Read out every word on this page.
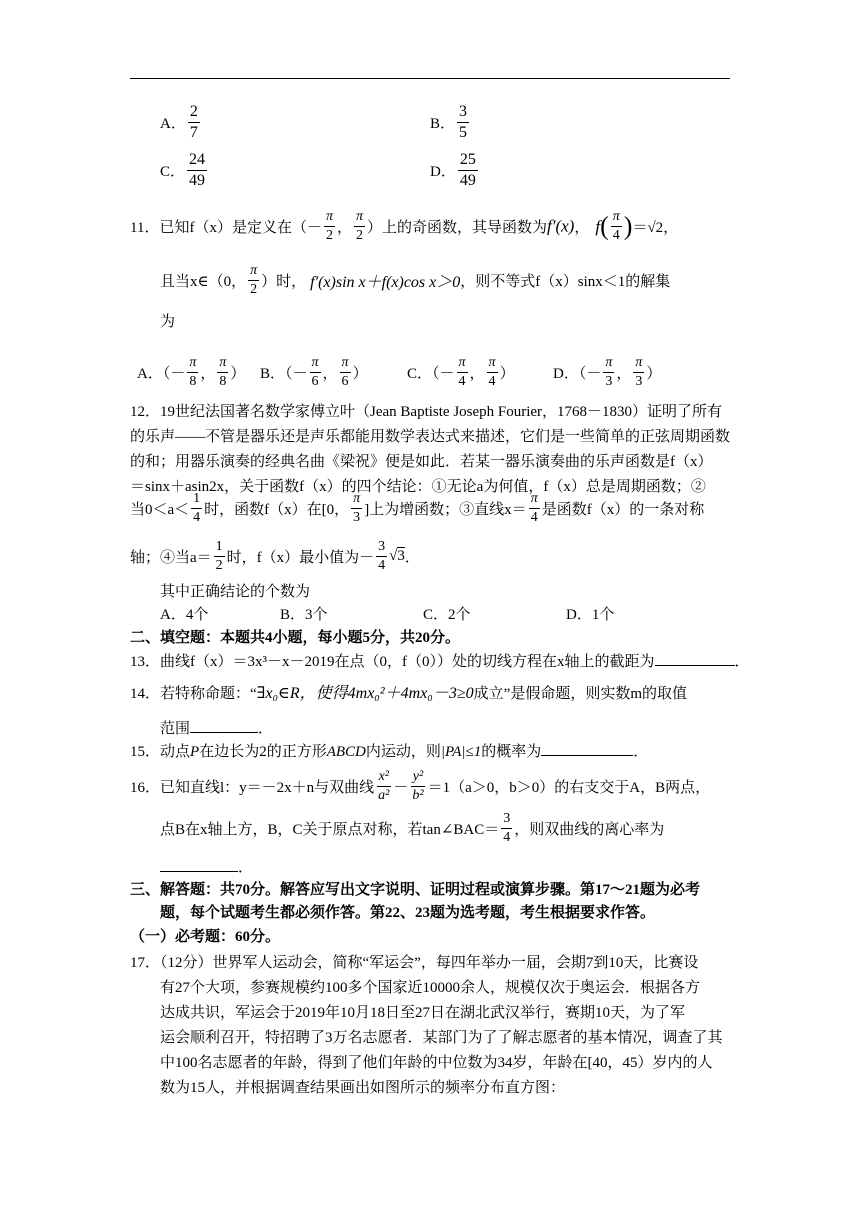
A． $\frac{2}{7}$	B． $\frac{3}{5}$
C． $\frac{24}{49}$	D． $\frac{25}{49}$
11．已知f（x）是定义在（－ $\frac{\pi}{2}$ ， $\frac{\pi}{2}$ ）上的奇函数，其导函数为f′(x)， $f( \frac{\pi}{4} )=√2$，
且当x∈（0， $\frac{\pi}{2}$ ）时， f′(x)sin x＋f(x)cos x＞0，则不等式f（x）sinx＜1的解集
为
A．（－ $\frac{\pi}{8}$ ， $\frac{\pi}{8}$ ） B．（－ $\frac{\pi}{6}$ ， $\frac{\pi}{6}$ ）	C．（－ $\frac{\pi}{4}$ ， $\frac{\pi}{4}$ ）	D．（－ $\frac{\pi}{3}$ ， $\frac{\pi}{3}$ ）
12．19世纪法国著名数学家傅立叶（Jean Baptiste Joseph Fourier，1768－1830）证明了所有
的乐声——不管是器乐还是声乐都能用数学表达式来描述，它们是一些简单的正弦周期函数
的和；用器乐演奏的经典名曲《梁祝》便是如此．若某一器乐演奏曲的乐声函数是f（x）
＝sinx＋asin2x，关于函数f（x）的四个结论：①无论a为何值，f（x）总是周期函数；②
当$0<a< \frac{1}{4}$ 时，函数f（x）在[0， $\frac{\pi}{3}$ ]上为增函数；③直线$x= \frac{\pi}{4}$ 是函数f（x）的一条对称
轴；④当$a= \frac{1}{2}$ 时，f（x）最小值为－ $\frac{3}{4} √3$．
其中正确结论的个数为
A．4个	B．3个	C．2个	D．1个
二、填空题：本题共4小题，每小题5分，共20分。
13．曲线f（x）＝3x³－x－2019在点（0，f（0））处的切线方程在x轴上的截距为	．
14．若特称命题：“∃x₀∈R，使得4mx₀²＋4mx₀－3≥0成立”是假命题，则实数m的取值
范围	．
15．动点P在边长为2的正方形ABCD内运动，则|PA|≤1的概率为	．
16．已知直线l：y＝－2x＋n与双曲线 $\frac{\text{x²}}{\text{a²}} - \frac{\text{y²}}{\text{b²}} =1(a>0$，b＞0）的右支交于A，B两点，
点B在x轴上方，B，C关于原点对称，若tan∠BAC＝ $\frac{3}{4}$ ，则双曲线的离心率为
．
三、解答题：共70分。解答应写出文字说明、证明过程或演算步骤。第17～21题为必考
题，每个试题考生都必须作答。第22、23题为选考题，考生根据要求作答。
（一）必考题：60分。
17．（12分）世界军人运动会，简称“军运会”，每四年举办一届，会期7到10天，比赛设
有27个大项，参赛规模约100多个国家近10000余人，规模仅次于奥运会．根据各方
达成共识，军运会于2019年10月18日至27日在湖北武汉举行，赛期10天，为了军
运会顺利召开，特招聘了3万名志愿者．某部门为了了解志愿者的基本情况，调查了其
中100名志愿者的年龄，得到了他们年龄的中位数为34岁，年龄在[40，45）岁内的人
数为15人，并根据调查结果画出如图所示的频率分布直方图：
